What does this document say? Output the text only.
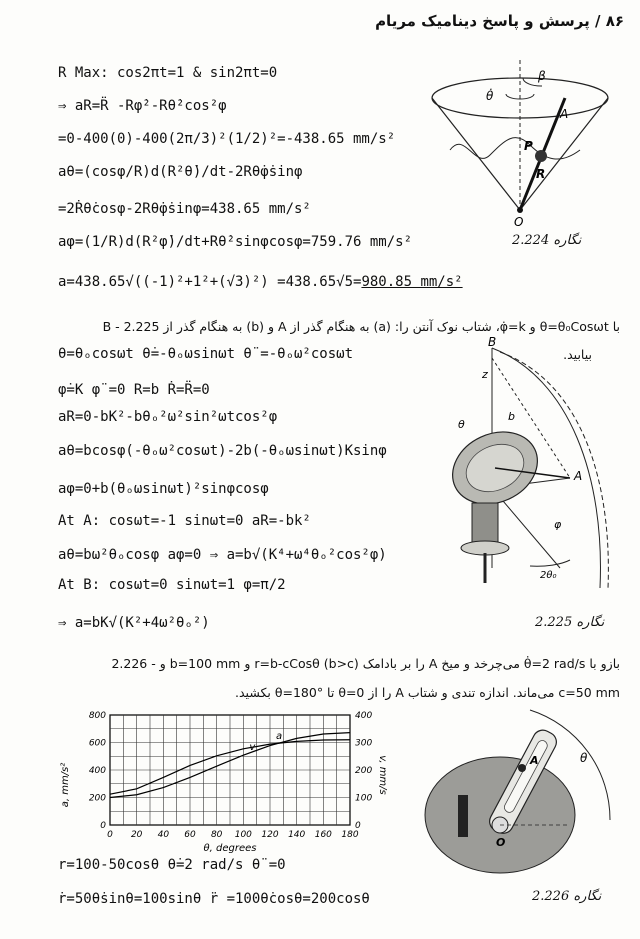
۸۶ / پرسش و پاسخ دینامیک مریام
R Max: cos2πt=1 & sin2πt=0
⇒ aR=R̈ -Rφ̇²-Rθ̇²cos²φ
=0-400(0)-400(2π/3)²(1/2)²=-438.65 mm/s²
aθ=(cosφ/R)d(R²θ̇)/dt-2Rθ̇φ̇sinφ
=2Ṙθ̇cosφ-2Rθ̇φ̇sinφ=438.65 mm/s²
aφ=(1/R)d(R²φ̇)/dt+Rθ̇²sinφcosφ=759.76 mm/s²
a=438.65√((-1)²+1²+(√3)²) =438.65√5=980.85 mm/s²
نگاره 2.224
β
θ̇
A
P
R
O
با θ=θ₀Cosωt و φ̇=k، شتاب نوک آنتن را: (a) به هنگام گذر از A و (b) به هنگام گذر از B - 2.225
بیابید.
θ=θₒcosωt θ̇=-θₒωsinωt θ̈ =-θₒω²cosωt
φ̇=K φ̈ =0 R=b Ṙ=R̈=0
aR=0-bK²-bθₒ²ω²sin²ωtcos²φ
aθ=bcosφ(-θₒω²cosωt)-2b(-θₒωsinωt)Ksinφ
aφ=0+b(θₒωsinωt)²sinφcosφ
At A: cosωt=-1 sinωt=0 aR=-bk²
aθ=bω²θₒcosφ aφ=0 ⇒ a=b√(K⁴+ω⁴θₒ²cos²φ)
At B: cosωt=0 sinωt=1 φ=π/2
⇒ a=bK√(K²+4ω²θₒ²)	نگاره 2.225
B
z
b
θ
φ
A
2θ₀
بازو با θ̇=2 rad/s می‌چرخد و میخ A را بر بادامک r=b-cCosθ (b>c) و b=100 mm و - 2.226
c=50 mm می‌ماند. اندازه تندی و شتاب A را از θ=0 تا θ=180° بکشید.
0 20 40 60 80 100 120 140 160 180
0
200
400
600
800
0
100
200
300
400
a
v
a, mm/s²	v, mm/s
θ, degrees
θ
A
O
r=100-50cosθ θ̇=2 rad/s θ̈ =0
ṙ=50θ̇sinθ=100sinθ r̈ =100θ̇cosθ=200cosθ	نگاره 2.226
